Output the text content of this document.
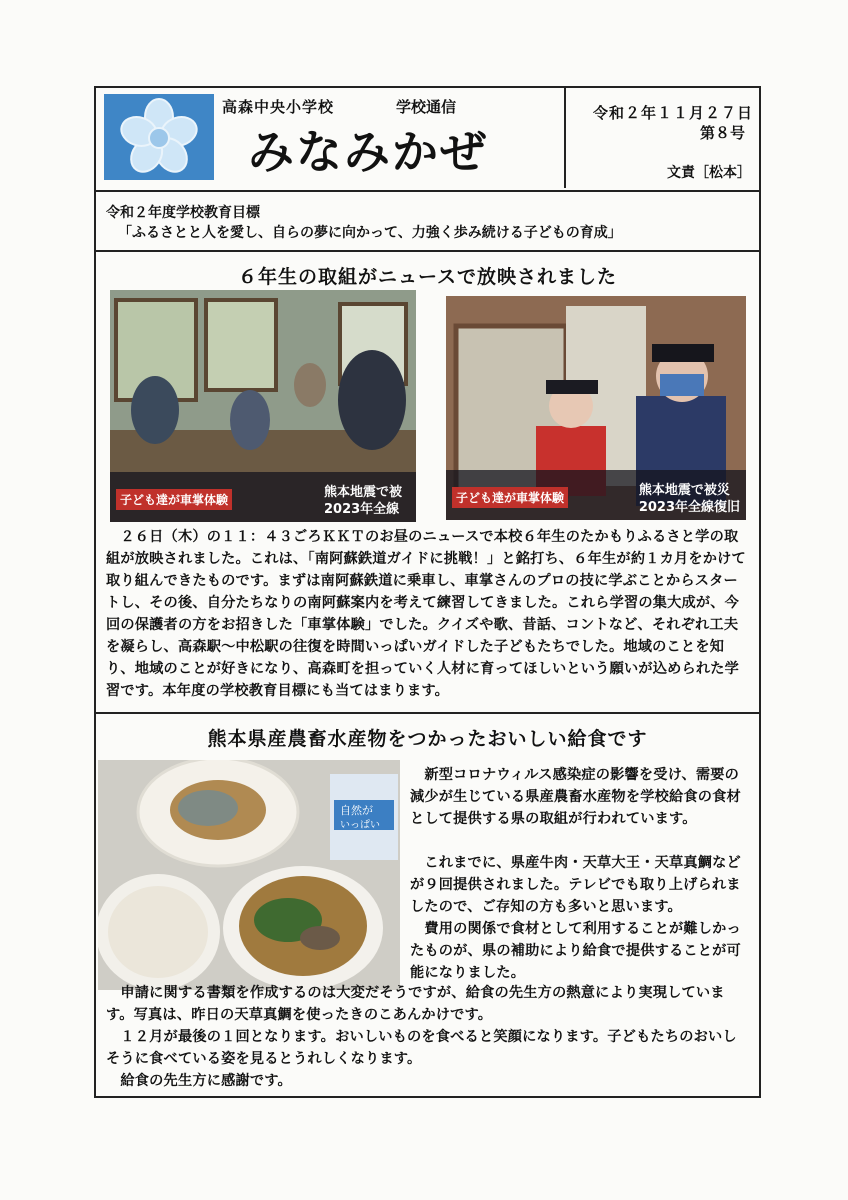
高森中央小学校	学校通信
みなみかぜ
令和２年１１月２７日
第８号
文責［松本］
令和２年度学校教育目標
「ふるさとと人を愛し、自らの夢に向かって、力強く歩み続ける子どもの育成」
６年生の取組がニュースで放映されました
子ども達が車掌体験	熊本地震で被
2023年全線
子ども達が車掌体験	熊本地震で被災
2023年全線復旧
　２６日（木）の１１：４３ごろＫＫＴのお昼のニュースで本校６年生のたかもりふるさと学の取組が放映されました。これは、「南阿蘇鉄道ガイドに挑戦！」と銘打ち、６年生が約１カ月をかけて取り組んできたものです。まずは南阿蘇鉄道に乗車し、車掌さんのプロの技に学ぶことからスタートし、その後、自分たちなりの南阿蘇案内を考えて練習してきました。これら学習の集大成が、今回の保護者の方をお招きした「車掌体験」でした。クイズや歌、昔話、コントなど、それぞれ工夫を凝らし、高森駅～中松駅の往復を時間いっぱいガイドした子どもたちでした。地域のことを知り、地域のことが好きになり、高森町を担っていく人材に育ってほしいという願いが込められた学習です。本年度の学校教育目標にも当てはまります。
熊本県産農畜水産物をつかったおいしい給食です
自然が
いっぱい
　新型コロナウィルス感染症の影響を受け、需要の減少が生じている県産農畜水産物を学校給食の食材として提供する県の取組が行われています。
　これまでに、県産牛肉・天草大王・天草真鯛などが９回提供されました。テレビでも取り上げられましたので、ご存知の方も多いと思います。
　費用の関係で食材として利用することが難しかったものが、県の補助により給食で提供することが可能になりました。
　申請に関する書類を作成するのは大変だそうですが、給食の先生方の熱意により実現しています。写真は、昨日の天草真鯛を使ったきのこあんかけです。
　１２月が最後の１回となります。おいしいものを食べると笑顔になります。子どもたちのおいしそうに食べている姿を見るとうれしくなります。
　給食の先生方に感謝です。
